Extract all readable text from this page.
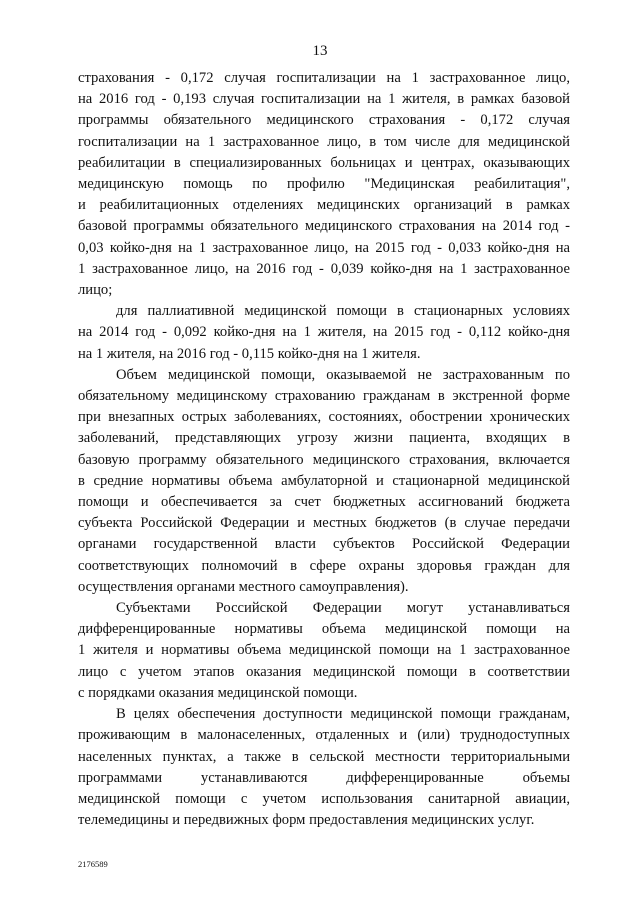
13
страхования - 0,172 случая госпитализации на 1 застрахованное лицо,
на 2016 год - 0,193 случая госпитализации на 1 жителя, в рамках базовой
программы обязательного медицинского страхования - 0,172 случая
госпитализации на 1 застрахованное лицо, в том числе для медицинской
реабилитации в специализированных больницах и центрах, оказывающих
медицинскую помощь по профилю "Медицинская реабилитация",
и реабилитационных отделениях медицинских организаций в рамках
базовой программы обязательного медицинского страхования на 2014 год -
0,03 койко-дня на 1 застрахованное лицо, на 2015 год - 0,033 койко-дня на
1 застрахованное лицо, на 2016 год - 0,039 койко-дня на 1 застрахованное
лицо;
для паллиативной медицинской помощи в стационарных условиях
на 2014 год - 0,092 койко-дня на 1 жителя, на 2015 год - 0,112 койко-дня
на 1 жителя, на 2016 год - 0,115 койко-дня на 1 жителя.
Объем медицинской помощи, оказываемой не застрахованным по
обязательному медицинскому страхованию гражданам в экстренной форме
при внезапных острых заболеваниях, состояниях, обострении хронических
заболеваний, представляющих угрозу жизни пациента, входящих в
базовую программу обязательного медицинского страхования, включается
в средние нормативы объема амбулаторной и стационарной медицинской
помощи и обеспечивается за счет бюджетных ассигнований бюджета
субъекта Российской Федерации и местных бюджетов (в случае передачи
органами государственной власти субъектов Российской Федерации
соответствующих полномочий в сфере охраны здоровья граждан для
осуществления органами местного самоуправления).
Субъектами Российской Федерации могут устанавливаться
дифференцированные нормативы объема медицинской помощи на
1 жителя и нормативы объема медицинской помощи на 1 застрахованное
лицо с учетом этапов оказания медицинской помощи в соответствии
с порядками оказания медицинской помощи.
В целях обеспечения доступности медицинской помощи гражданам,
проживающим в малонаселенных, отдаленных и (или) труднодоступных
населенных пунктах, а также в сельской местности территориальными
программами устанавливаются дифференцированные объемы
медицинской помощи с учетом использования санитарной авиации,
телемедицины и передвижных форм предоставления медицинских услуг.
2176589
